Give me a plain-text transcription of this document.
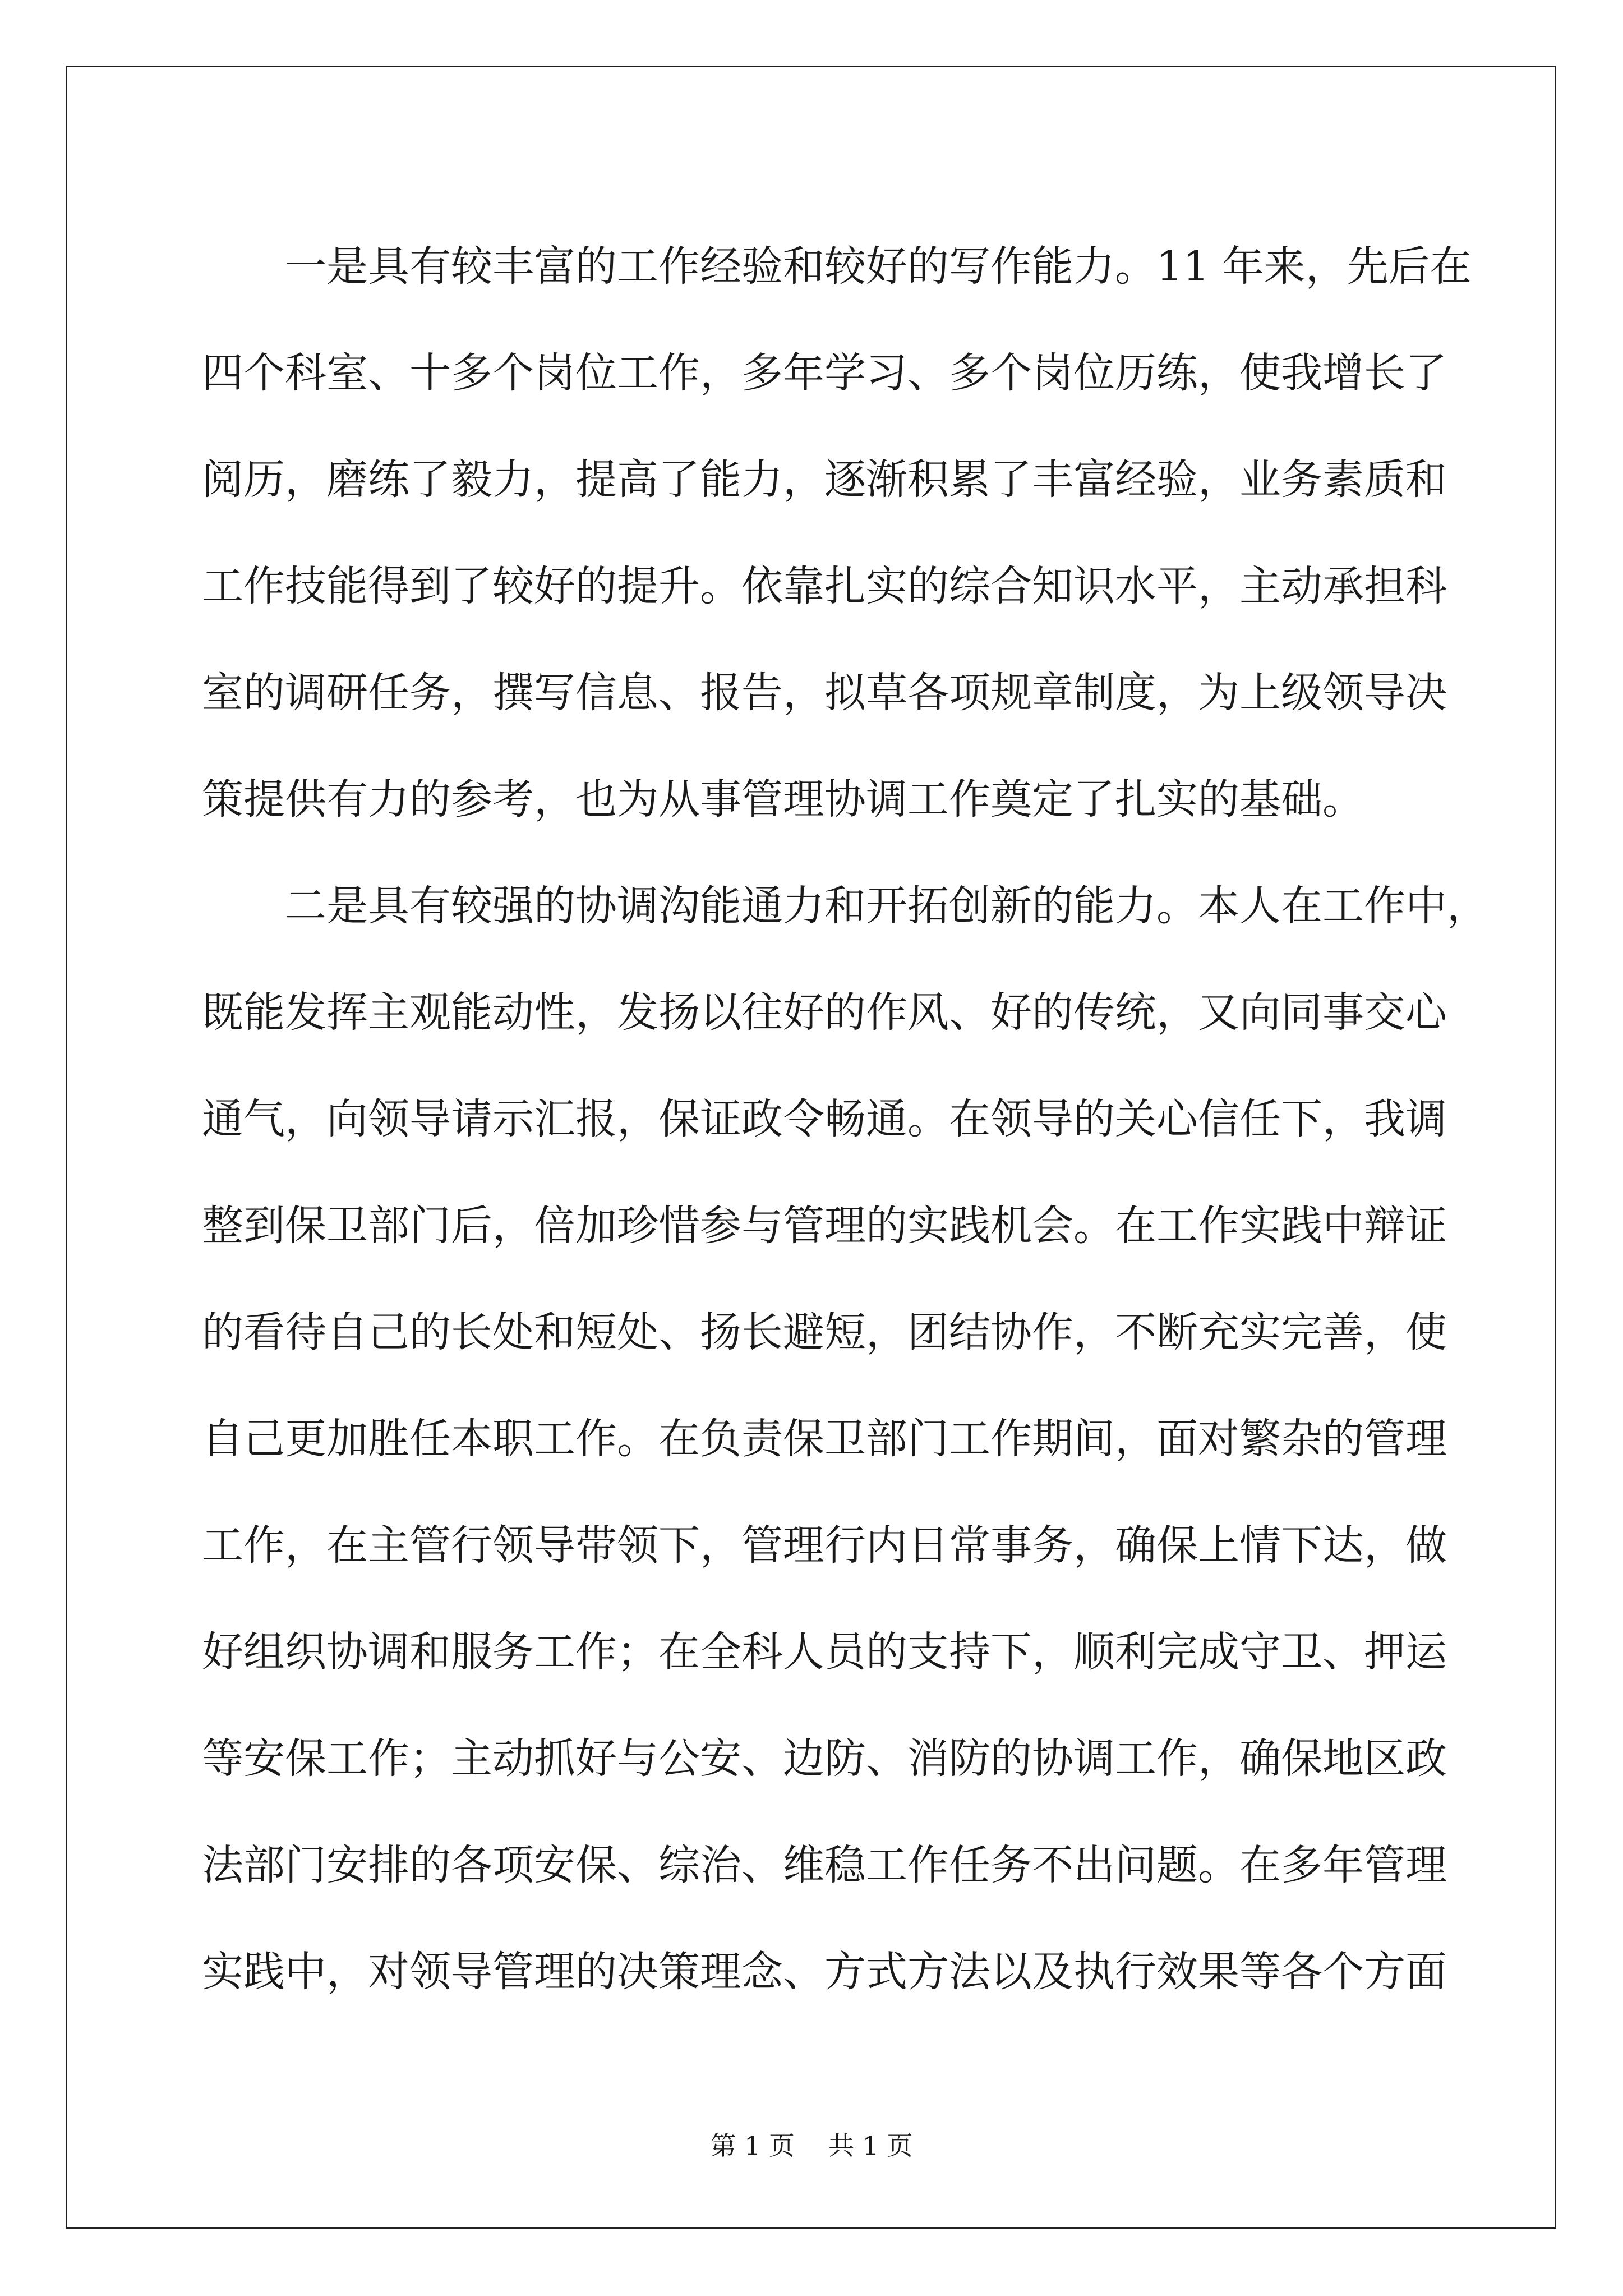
一是具有较丰富的工作经验和较好的写作能力。11 年来，先后在
四个科室、十多个岗位工作，多年学习、多个岗位历练，使我增长了
阅历，磨练了毅力，提高了能力，逐渐积累了丰富经验，业务素质和
工作技能得到了较好的提升。依靠扎实的综合知识水平，主动承担科
室的调研任务，撰写信息、报告，拟草各项规章制度，为上级领导决
策提供有力的参考，也为从事管理协调工作奠定了扎实的基础。
二是具有较强的协调沟能通力和开拓创新的能力。本人在工作中，
既能发挥主观能动性，发扬以往好的作风、好的传统，又向同事交心
通气，向领导请示汇报，保证政令畅通。在领导的关心信任下，我调
整到保卫部门后，倍加珍惜参与管理的实践机会。在工作实践中辩证
的看待自己的长处和短处、扬长避短，团结协作，不断充实完善，使
自己更加胜任本职工作。在负责保卫部门工作期间，面对繁杂的管理
工作，在主管行领导带领下，管理行内日常事务，确保上情下达，做
好组织协调和服务工作；在全科人员的支持下，顺利完成守卫、押运
等安保工作；主动抓好与公安、边防、消防的协调工作，确保地区政
法部门安排的各项安保、综治、维稳工作任务不出问题。在多年管理
实践中，对领导管理的决策理念、方式方法以及执行效果等各个方面
第 1 页 共 1 页
